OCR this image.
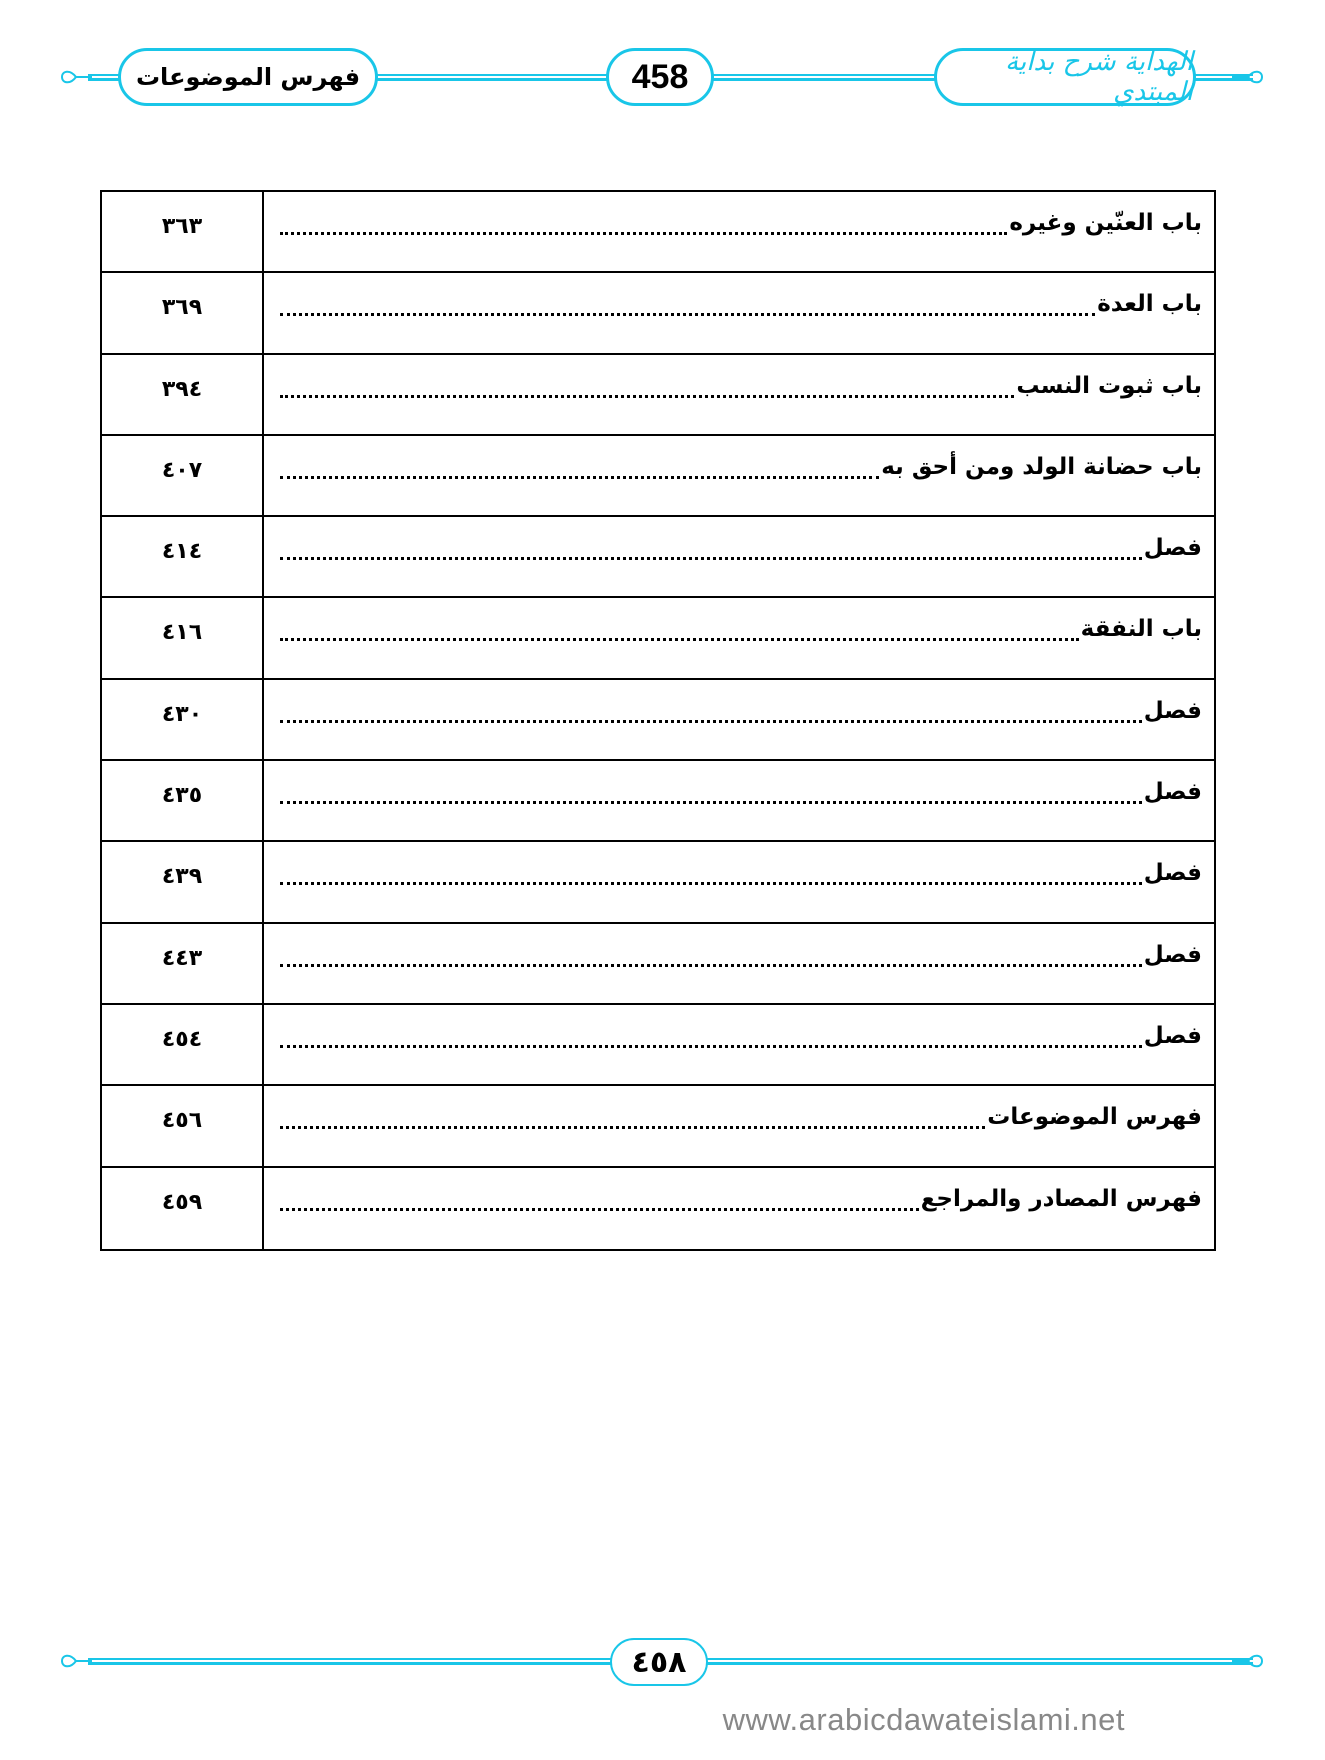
فهرس الموضوعات	458	الهداية شرح بداية المبتدي
٣٦٣	باب العنّين وغيره
٣٦٩	باب العدة
٣٩٤	باب ثبوت النسب
٤٠٧	باب حضانة الولد ومن أحق به
٤١٤	فصل
٤١٦	باب النفقة
٤٣٠	فصل
٤٣٥	فصل
٤٣٩	فصل
٤٤٣	فصل
٤٥٤	فصل
٤٥٦	فهرس الموضوعات
٤٥٩	فهرس المصادر والمراجع
٤٥٨
www.arabicdawateislami.net
